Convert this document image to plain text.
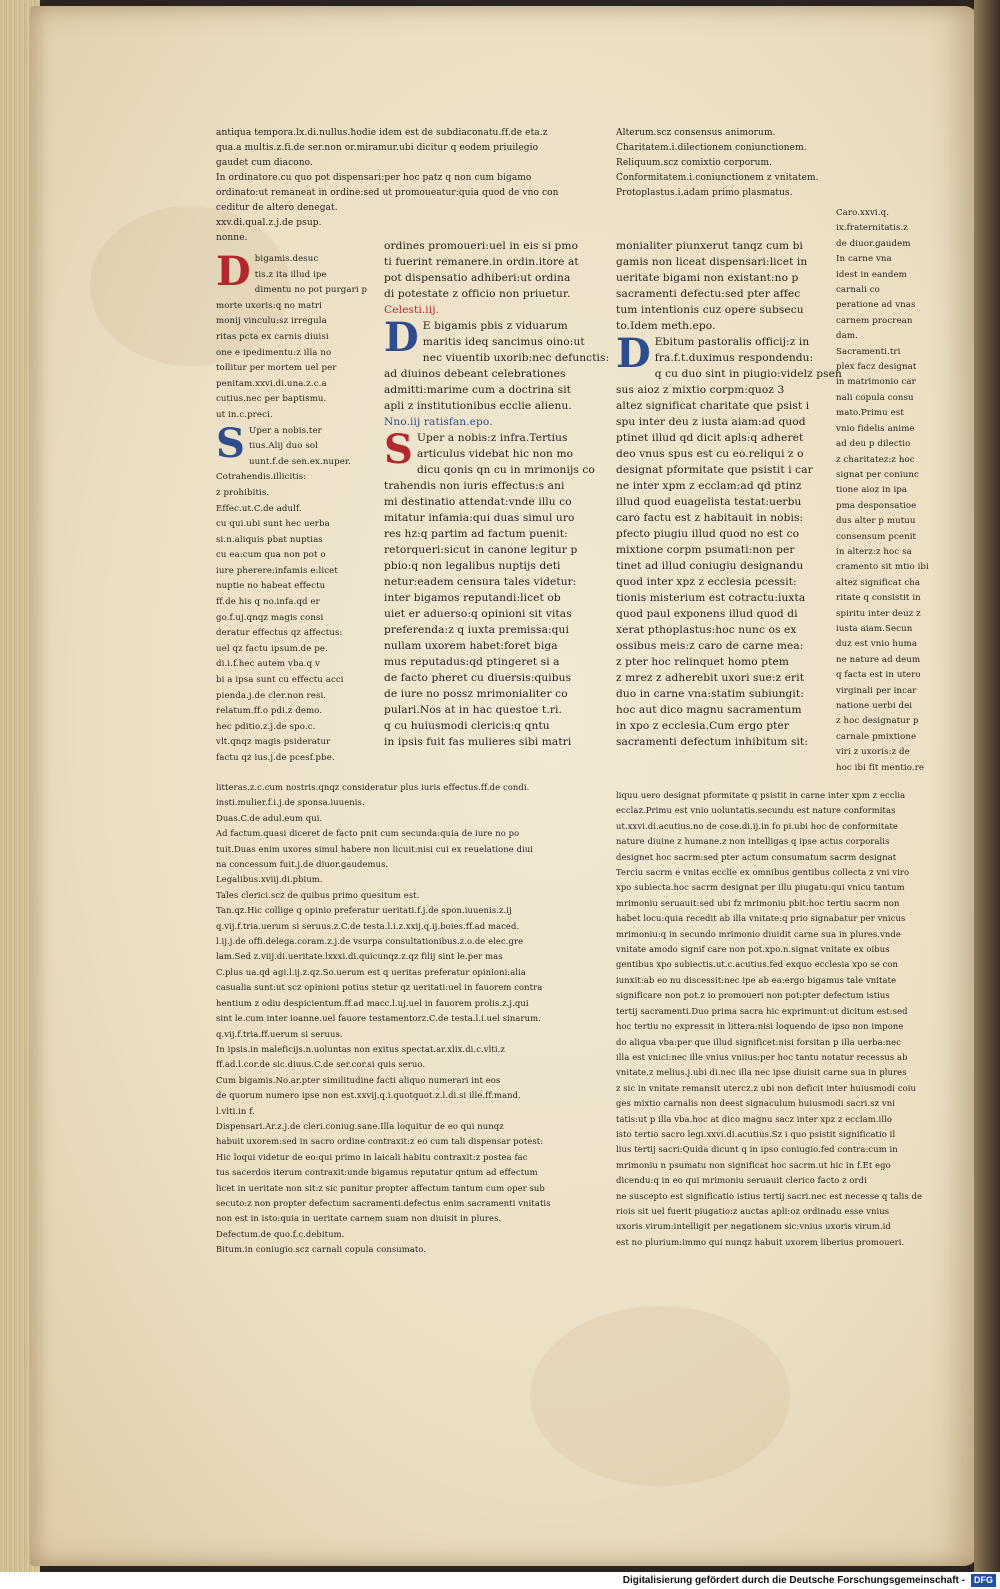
antiqua tempora.lx.di.nullus.hodie idem est de subdiaconatu.ff.de eta.z

qua.a multis.z.fi.de ser.non or.miramur.ubi dicitur q eodem priuilegio

gaudet cum diacono.

In ordinatore.cu quo pot dispensari:per hoc patz q non cum bigamo

ordinato:ut remaneat in ordine:sed ut promoueatur:quia quod de vno con

ceditur de altero denegat.

xxv.di.qual.z.j.de psup.

nonne.

D bigamis.desuc

tis.z ita illud ipe

dimentu no pot purgari p

morte uxoris:q no matri

monij vinculu:sz irregula

ritas pcta ex carnis diuisi

one e ipedimentu:z illa no

tollitur per mortem uel per

penitam.xxvi.di.una.z.c.a

cutius.nec per baptismu.

ut in.c.preci.

S Uper a nobis.ter

tius.Alij duo sol

uunt.f.de sen.ex.nuper.

Cotrahendis.illicitis:

z prohibitis.

Effec.ut.C.de adulf.

cu qui.ubi sunt hec uerba

si.n.aliquis pbat nuptias

cu ea:cum qua non pot o

iure pherere:infamis e:licet

nuptie no habeat effectu

ff.de his q no.infa.qd er

go.f.uj.qnqz magis consi

deratur effectus qz affectus:

uel qz factu ipsum.de pe.

di.i.f.hec autem vba.q v

bi a ipsa sunt cu effectu acci

pienda.j.de cler.non resi.

relatum.ff.o pdi.z demo.

hec pditio.z.j.de spo.c.

vlt.qnqz magis psideratur

factu qz ius.j.de pcesf.pbe.

ordines promoueri:uel in eis si pmo

ti fuerint remanere.in ordin.itore at

pot dispensatio adhiberi:ut ordina

di potestate z officio non priuetur.

Celesti.iij.

D E bigamis pbis z viduarum

maritis ideq sancimus oino:ut

nec viuentib uxorib:nec defunctis:

ad diuinos debeant celebrationes

admitti:marime cum a doctrina sit

apli z institutionibus ecclie alienu.

Nno.iij ratisfan.epo.

S Uper a nobis:z infra.Tertius

articulus videbat hic non mo

dicu qonis qn cu in mrimonijs co

trahendis non iuris effectus:s ani

mi destinatio attendat:vnde illu co

mitatur infamia:qui duas simul uro

res hz:q partim ad factum puenit:

retorqueri:sicut in canone legitur p

pbio:q non legalibus nuptijs deti

netur:eadem censura tales videtur:

inter bigamos reputandi:licet ob

uiet er aduerso:q opinioni sit vitas

preferenda:z q iuxta premissa:qui

nullam uxorem habet:foret biga

mus reputadus:qd ptingeret si a

de facto pheret cu diuersis:quibus

de iure no possz mrimonialiter co

pulari.Nos at in hac questoe t.ri.

q cu huiusmodi clericis:q qntu

in ipsis fuit fas mulieres sibi matri

Alterum.scz consensus animorum.

Charitatem.i.dilectionem coniunctionem.

Reliquum.scz comixtio corporum.

Conformitatem.i.coniunctionem z vnitatem.

Protoplastus.i.adam primo plasmatus.

monialiter piunxerut tanqz cum bi

gamis non liceat dispensari:licet in

ueritate bigami non existant:no p

sacramenti defectu:sed pter affec

tum intentionis cuz opere subsecu

to.Idem meth.epo.

D Ebitum pastoralis officij:z in

fra.f.t.duximus respondendu:

q cu duo sint in piugio:videlz psen

sus aioz z mixtio corpm:quoz 3

altez significat charitate que psist i

spu inter deu z iusta aiam:ad quod

ptinet illud qd dicit apls:q adheret

deo vnus spus est cu eo.reliqui z o

designat pformitate que psistit i car

ne inter xpm z ecclam:ad qd ptinz

illud quod euagelista testat:uerbu

caro factu est z habitauit in nobis:

pfecto piugiu illud quod no est co

mixtione corpm psumati:non per

tinet ad illud coniugiu designandu

quod inter xpz z ecclesia pcessit:

tionis misterium est cotractu:iuxta

quod paul exponens illud quod di

xerat pthoplastus:hoc nunc os ex

ossibus meis:z caro de carne mea:

z pter hoc relinquet homo ptem

z mrez z adherebit uxori sue:z erit

duo in carne vna:statim subiungit:

hoc aut dico magnu sacramentum

in xpo z ecclesia.Cum ergo pter

sacramenti defectum inhibitum sit:

Caro.xxvi.q.

ix.fraternitatis.z

de diuor.gaudem

In carne vna

idest in eandem

carnali co

peratione ad vnas

carnem procrean

dam.

Sacramenti.tri

plex facz designat

in matrimonio car

nali copula consu

mato.Primu est

vnio fidelis anime

ad deu p dilectio

z charitatez:z hoc

signat per coniunc

tione aioz in ipa

pma desponsatioe

dus alter p mutuu

consensum pcenit

in alterz:z hoc sa

cramento sit mtio ibi

altez significat cha

ritate q consistit in

spiritu inter deuz z

iusta aiam.Secun

duz est vnio huma

ne nature ad deum

q facta est in utero

virginali per incar

natione uerbi dei

z hoc designatur p

carnale pmixtione

viri z uxoris:z de

hoc ibi fit mentio.re

litteras.z.c.cum nostris.qnqz consideratur plus iuris effectus.ff.de condi.

insti.mulier.f.i.j.de sponsa.iuuenis.

Duas.C.de adul.eum qui.

Ad factum.quasi diceret de facto pnit cum secunda:quia de iure no po

tuit.Duas enim uxores simul habere non licuit:nisi cui ex reuelatione diui

na concessum fuit.j.de diuor.gaudemus.

Legalibus.xviij.di.pbium.

Tales clerici.scz de quibus primo quesitum est.

Tan.qz.Hic collige q opinio preferatur ueritati.f.j.de spon.iuuenis.z.ij

q.vij.f.tria.uerum si seruus.z.C.de testa.l.i.z.xxij.q.ij.boies.ff.ad maced.

l.ij.j.de offi.delega.coram.z.j.de vsurpa consultationibus.z.o.de elec.gre

lam.Sed z.viij.di.ueritate.lxxxi.di.quicunqz.z.qz filij sint le.per mas

C.plus ua.qd agi.l.ij.z.qz.So.uerum est q ueritas preferatur opinioni:alia

casualia sunt:ut scz opinioni potius stetur qz ueritati:uel in fauorem contra

hentium z odiu despicientum.ff.ad macc.l.uj.uel in fauorem prolis.z.j.qui

sint le.cum inter ioanne.uel fauore testamentorz.C.de testa.l.i.uel sinarum.

q.vij.f.tria.ff.uerum si seruus.

In ipsis.in maleficijs.n.uoluntas non exitus spectat.ar.xlix.di.c.vlti.z

ff.ad.l.cor.de sic.diuus.C.de ser.cor.si quis seruo.

Cum bigamis.No.ar.pter similitudine facti aliquo numerari int eos

de quorum numero ipse non est.xxvij.q.i.quotquot.z.l.di.si ille.ff.mand.

l.vlti.in f.

Dispensari.Ar.z.j.de cleri.coniug.sane.Illa loquitur de eo qui nunqz

habuit uxorem:sed in sacro ordine contraxit:z eo cum tali dispensar potest:

Hic loqui videtur de eo:qui primo in laicali habitu contraxit:z postea fac

tus sacerdos iterum contraxit:unde bigamus reputatur qntum ad effectum

licet in ueritate non sit:z sic punitur propter affectum tantum cum oper sub

secuto:z non propter defectum sacramenti.defectus enim sacramenti vnitatis

non est in isto:quia in ueritate carnem suam non diuisit in plures.

Defectum.de quo.f.c.debitum.

Bitum.in coniugio.scz carnali copula consumato.

liquu uero designat pformitate q psistit in carne inter xpm z ecclia

ecclaz.Primu est vnio uoluntatis.secundu est nature conformitas

ut.xxvi.di.acutius.no de cose.di.ij.in fo pi.ubi hoc de conformitate

nature diuine z humane.z non intelligas q ipse actus corporalis

designet hoc sacrm:sed pter actum consumatum sacrm designat

Terciu sacrm e vnitas ecclie ex omnibus gentibus collecta z vni viro

xpo subiecta.hoc sacrm designat per illu piugatu:qui vnicu tantum

mrimoniu seruauit:sed ubi fz mrimoniu pbit:hoc tertiu sacrm non

habet locu:quia recedit ab illa vnitate:q prio signabatur per vnicus

mrimoniu:q in secundo mrimonio diuidit carne sua in plures.vnde

vnitate amodo signif care non pot.xpo.n.signat vnitate ex oibus

gentibus xpo subiectis.ut.c.acutius.fed exquo ecclesia xpo se con

iunxit:ab eo nu discessit:nec ipe ab ea:ergo bigamus tale vnitate

significare non pot.z io promoueri non pot:pter defectum istius

tertij sacramenti.Duo prima sacra hic exprimunt:ut dicitum est:sed

hoc tertiu no expressit in littera:nisi loquendo de ipso non impone

do aliqua vba:per que illud significet:nisi forsitan p illa uerba:nec

illa est vnici:nec ille vnius vniius:per hoc tantu notatur recessus ab

vnitate.z melius.j.ubi di.nec illa nec ipse diuisit carne sua in plures

z sic in vnitate remansit utercz.z ubi non deficit inter huiusmodi coiu

ges mixtio carnalis non deest signaculum huiusmodi sacri.sz vni

tatis:ut p illa vba.hoc at dico magnu sacz inter xpz z ecclam.illo

isto tertio sacro legi.xxvi.di.acutius.Sz i quo psistit significatio il

lius tertij sacri:Quida dicunt q in ipso coniugio.fed contra:cum in

mrimoniu n psumatu non significat hoc sacrm.ut hic in f.Et ego

dicendu:q in eo qui mrimoniu seruauit clerico facto z ordi

ne suscepto est significatio istius tertij sacri.nec est necesse q talis de

riois sit uel fuerit piugatio:z auctas apli:oz ordinadu esse vnius

uxoris virum:intelligit per negationem sic:vnius uxoris virum.id

est no plurium:immo qui nunqz habuit uxorem liberius promoueri.

Digitalisierung gefördert durch die Deutsche Forschungsgemeinschaft - DFG
